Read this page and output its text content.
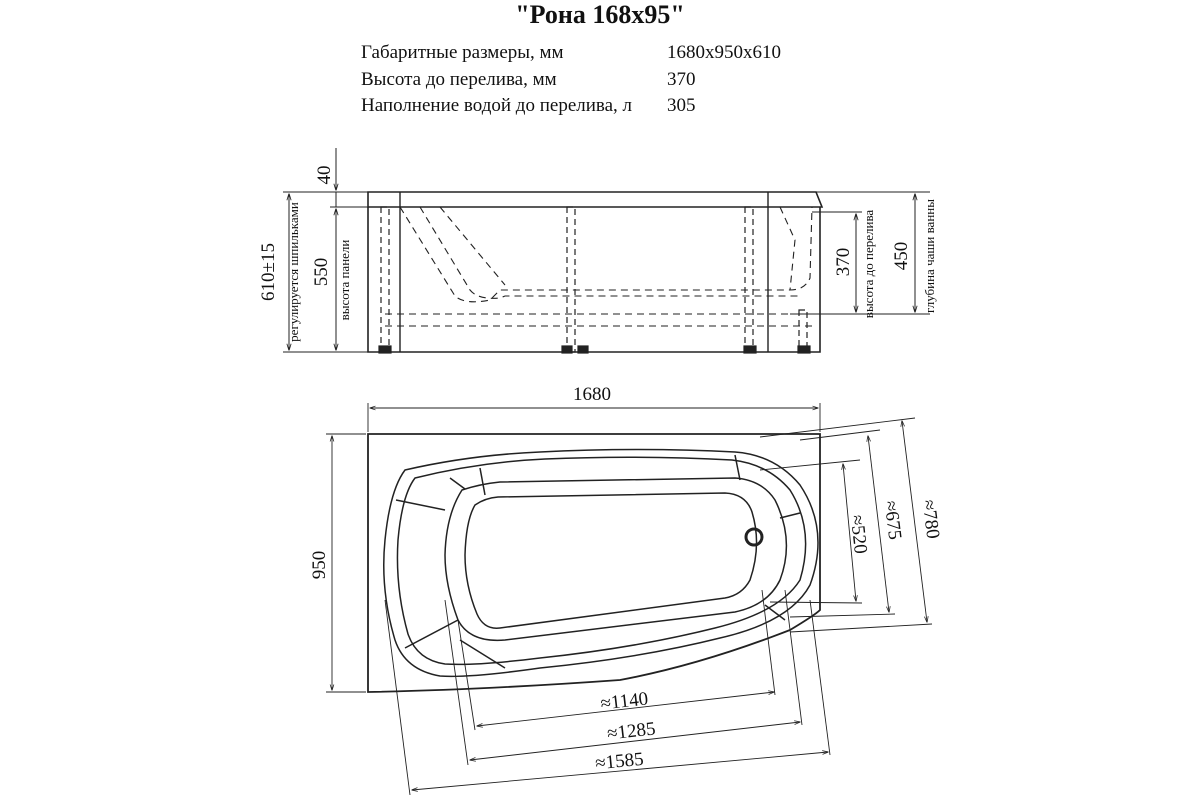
"Рона 168х95"
Габаритные размеры, мм	1680х950х610
Высота до перелива, мм	370
Наполнение водой до перелива, л	305
40
610±15 регулируется шпильками 550 высота панели	370 высота до перелива 450 глубина чаши ванны
1680
950
≈1140
≈1285
≈1585
≈520 ≈675 ≈780
